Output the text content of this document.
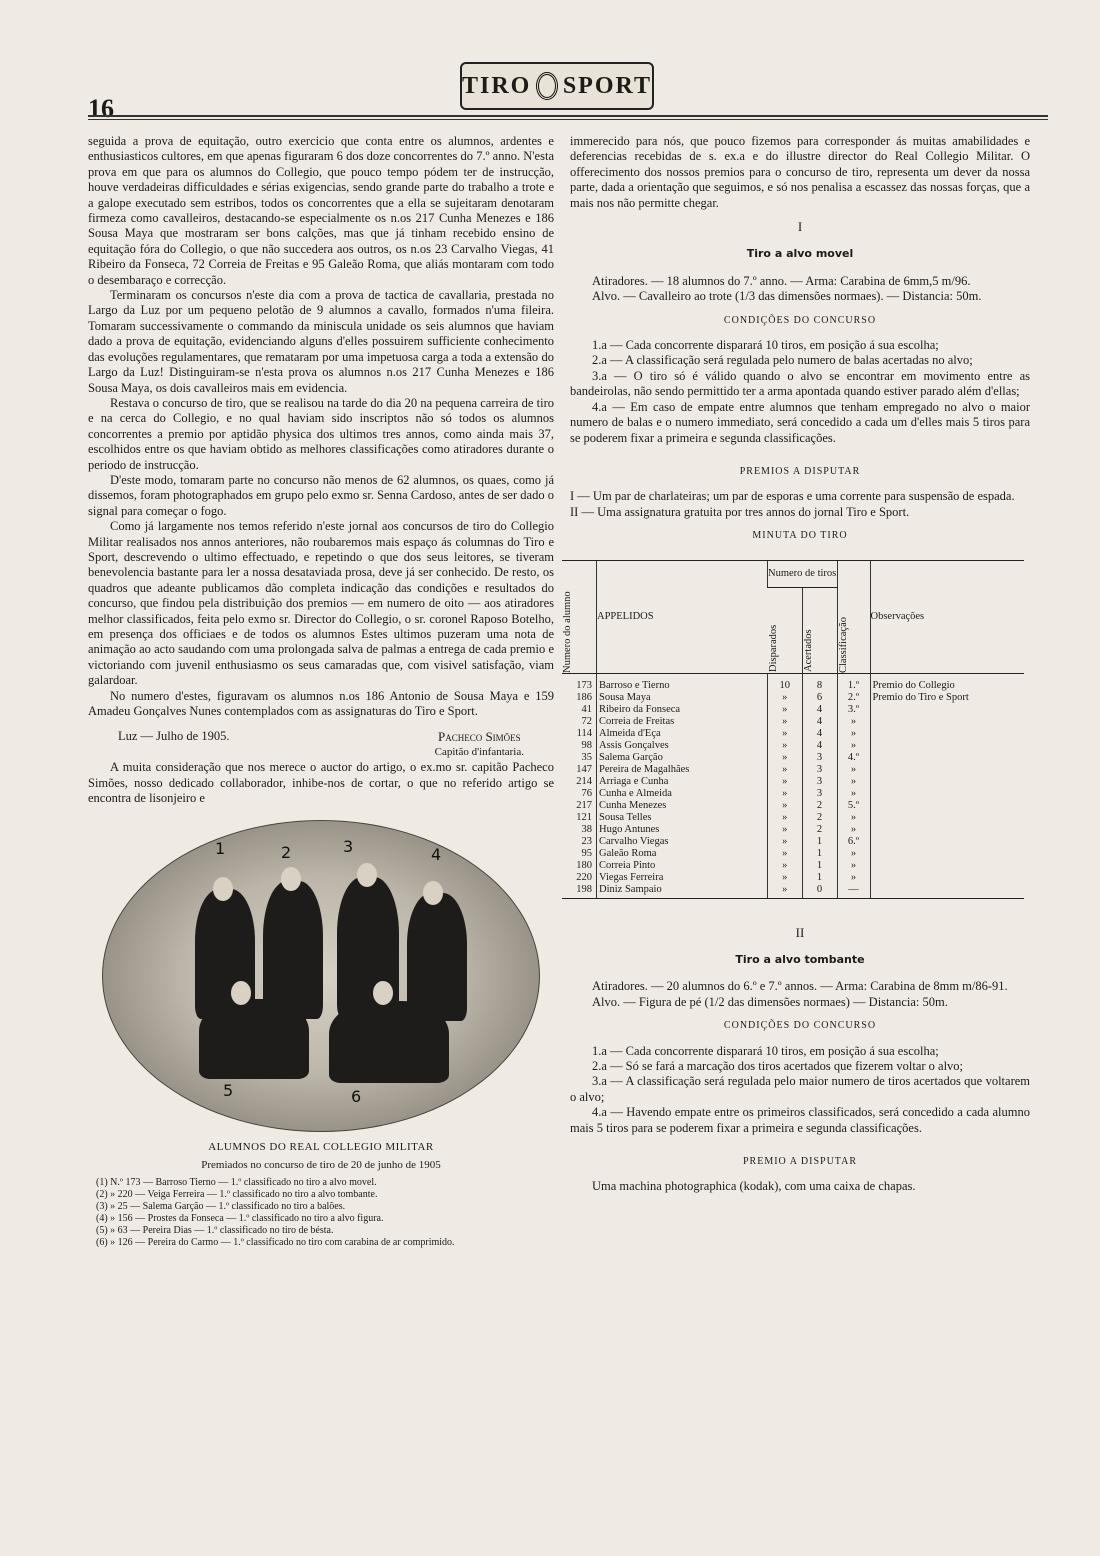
16
TIRO SPORT

seguida a prova de equitação, outro exercicio que conta entre os alumnos, ardentes e enthusiasticos cultores, em que apenas figuraram 6 dos doze concorrentes do 7.º anno. N'esta prova em que para os alumnos do Collegio, que pouco tempo pódem ter de instrucção, houve verdadeiras difficuldades e sérias exigencias, sendo grande parte do trabalho a trote e a galope executado sem estribos, todos os concorrentes que a ella se sujeitaram denotaram firmeza como cavalleiros, destacando-se especialmente os n.os 217 Cunha Menezes e 186 Sousa Maya que mostraram ser bons calções, mas que já tinham recebido ensino de equitação fóra do Collegio, o que não succedera aos outros, os n.os 23 Carvalho Viegas, 41 Ribeiro da Fonseca, 72 Correia de Freitas e 95 Galeão Roma, que aliás montaram com todo o desembaraço e correcção.

Terminaram os concursos n'este dia com a prova de tactica de cavallaria, prestada no Largo da Luz por um pequeno pelotão de 9 alumnos a cavallo, formados n'uma fileira. Tomaram successivamente o commando da miniscula unidade os seis alumnos que haviam dado a prova de equitação, evidenciando alguns d'elles possuirem sufficiente conhecimento das evoluções regulamentares, que remataram por uma impetuosa carga a toda a extensão do Largo da Luz! Distinguiram-se n'esta prova os alumnos n.os 217 Cunha Menezes e 186 Sousa Maya, os dois cavalleiros mais em evidencia.

Restava o concurso de tiro, que se realisou na tarde do dia 20 na pequena carreira de tiro e na cerca do Collegio, e no qual haviam sido inscriptos não só todos os alumnos concorrentes a premio por aptidão physica dos ultimos tres annos, como ainda mais 37, escolhidos entre os que haviam obtido as melhores classificações como atiradores durante o periodo de instrucção.

D'este modo, tomaram parte no concurso não menos de 62 alumnos, os quaes, como já dissemos, foram photographados em grupo pelo exmo sr. Senna Cardoso, antes de ser dado o signal para começar o fogo.

Como já largamente nos temos referido n'este jornal aos concursos de tiro do Collegio Militar realisados nos annos anteriores, não roubaremos mais espaço ás columnas do Tiro e Sport, descrevendo o ultimo effectuado, e repetindo o que dos seus leitores, se tiveram benevolencia bastante para ler a nossa desataviada prosa, deve já ser conhecido. De resto, os quadros que adeante publicamos dão completa indicação das condições e resultados do concurso, que findou pela distribuição dos premios — em numero de oito — aos atiradores melhor classificados, feita pelo exmo sr. Director do Collegio, o sr. coronel Raposo Botelho, em presença dos officiaes e de todos os alumnos Estes ultimos puzeram uma nota de animação ao acto saudando com uma prolongada salva de palmas a entrega de cada premio e victoriando com juvenil enthusiasmo os seus camaradas que, com visivel satisfação, viam galardoar.

No numero d'estes, figuravam os alumnos n.os 186 Antonio de Sousa Maya e 159 Amadeu Gonçalves Nunes contemplados com as assignaturas do Tiro e Sport.

Luz — Julho de 1905.	Pacheco Simões
Capitão d'infantaria.

A muita consideração que nos merece o auctor do artigo, o ex.mo sr. capitão Pacheco Simões, nosso dedicado collaborador, inhibe-nos de cortar, o que no referido artigo se encontra de lisonjeiro e

1	2	3	4
5	6
ALUMNOS DO REAL COLLEGIO MILITAR
Premiados no concurso de tiro de 20 de junho de 1905
(1) N.º 173 — Barroso Tierno — 1.º classificado no tiro a alvo movel.
(2) » 220 — Veiga Ferreira — 1.º classificado no tiro a alvo tombante.
(3) » 25 — Salema Garção — 1.º classificado no tiro a balões.
(4) » 156 — Prostes da Fonseca — 1.º classificado no tiro a alvo figura.
(5) » 63 — Pereira Dias — 1.º classificado no tiro de bésta.
(6) » 126 — Pereira do Carmo — 1.º classificado no tiro com carabina de ar comprimido.

immerecido para nós, que pouco fizemos para corresponder ás muitas amabilidades e deferencias recebidas de s. ex.a e do illustre director do Real Collegio Militar. O offerecimento dos nossos premios para o concurso de tiro, representa um dever da nossa parte, dada a orientação que seguimos, e só nos penalisa a escassez das nossas forças, que a mais nos não permitte chegar.

I
Tiro a alvo movel

Atiradores. — 18 alumnos do 7.º anno. — Arma: Carabina de 6mm,5 m/96.

Alvo. — Cavalleiro ao trote (1/3 das dimensões normaes). — Distancia: 50m.

CONDIÇÕES DO CONCURSO

1.a — Cada concorrente disparará 10 tiros, em posição á sua escolha;

2.a — A classificação será regulada pelo numero de balas acertadas no alvo;

3.a — O tiro só é válido quando o alvo se encontrar em movimento entre as bandeirolas, não sendo permittido ter a arma apontada quando estiver parado além d'ellas;

4.a — Em caso de empate entre alumnos que tenham empregado no alvo o maior numero de balas e o numero immediato, será concedido a cada um d'elles mais 5 tiros para se poderem fixar a primeira e segunda classificações.

PREMIOS A DISPUTAR

I — Um par de charlateiras; um par de esporas e uma corrente para suspensão de espada.

II — Uma assignatura gratuita por tres annos do jornal Tiro e Sport.

MINUTA DO TIRO
Numero do alumno	APPELIDOS	Numero de tiros		Classificação	Observações

		Disparados	Acertados		

173	Barroso e Tierno	10	8	1.º	Premio do Collegio
186	Sousa Maya	»	6	2.º	Premio do Tiro e Sport
41	Ribeiro da Fonseca	»	4	3.º	
72	Correia de Freitas	»	4	»	
114	Almeida d'Eça	»	4	»	
98	Assis Gonçalves	»	4	»	
35	Salema Garção	»	3	4.º	
147	Pereira de Magalhães	»	3	»	
214	Arriaga e Cunha	»	3	»	
76	Cunha e Almeida	»	3	»	
217	Cunha Menezes	»	2	5.º	
121	Sousa Telles	»	2	»	
38	Hugo Antunes	»	2	»	
23	Carvalho Viegas	»	1	6.º	
95	Galeão Roma	»	1	»	
180	Correia Pinto	»	1	»	
220	Viegas Ferreira	»	1	»	
198	Diniz Sampaio	»	0	—	
II
Tiro a alvo tombante

Atiradores. — 20 alumnos do 6.º e 7.º annos. — Arma: Carabina de 8mm m/86-91.

Alvo. — Figura de pé (1/2 das dimensões normaes) — Distancia: 50m.

CONDIÇÕES DO CONCURSO

1.a — Cada concorrente disparará 10 tiros, em posição á sua escolha;

2.a — Só se fará a marcação dos tiros acertados que fizerem voltar o alvo;

3.a — A classificação será regulada pelo maior numero de tiros acertados que voltarem o alvo;

4.a — Havendo empate entre os primeiros classificados, será concedido a cada alumno mais 5 tiros para se poderem fixar a primeira e segunda classificações.

PREMIO A DISPUTAR

Uma machina photographica (kodak), com uma caixa de chapas.
